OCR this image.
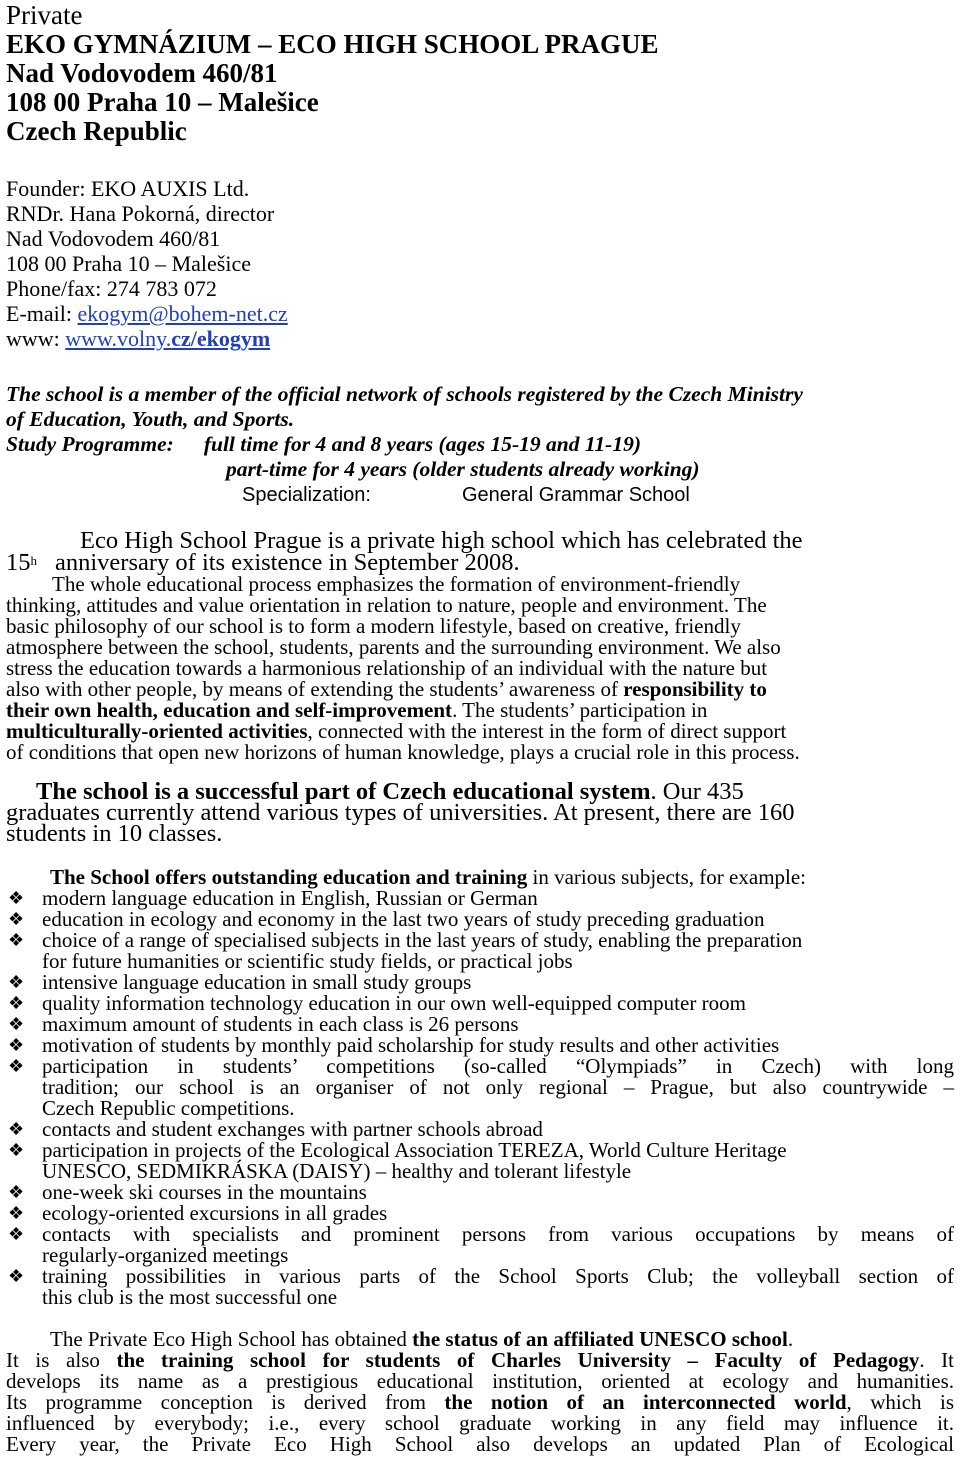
Private
EKO GYMNÁZIUM – ECO HIGH SCHOOL PRAGUE
Nad Vodovodem 460/81
108 00 Praha 10 – Malešice
Czech Republic
Founder: EKO AUXIS Ltd.
RNDr. Hana Pokorná, director
Nad Vodovodem 460/81
108 00 Praha 10 – Malešice
Phone/fax: 274 783 072
E-mail: ekogym@bohem-net.cz
www: www.volny.cz/ekogym
The school is a member of the official network of schools registered by the Czech Ministry
of Education, Youth, and Sports.
Study Programme: full time for 4 and 8 years (ages 15-19 and 11-19)
part-time for 4 years (older students already working)
Specialization:	General Grammar School
Eco High School Prague is a private high school which has celebrated the
15$^h$ anniversary of its existence in September 2008.
The whole educational process emphasizes the formation of environment-friendly
thinking, attitudes and value orientation in relation to nature, people and environment. The
basic philosophy of our school is to form a modern lifestyle, based on creative, friendly
atmosphere between the school, students, parents and the surrounding environment. We also
stress the education towards a harmonious relationship of an individual with the nature but
also with other people, by means of extending the students’ awareness of responsibility to
their own health, education and self-improvement. The students’ participation in
multiculturally-oriented activities, connected with the interest in the form of direct support
of conditions that open new horizons of human knowledge, plays a crucial role in this process.
The school is a successful part of Czech educational system. Our 435
graduates currently attend various types of universities. At present, there are 160
students in 10 classes.
The School offers outstanding education and training in various subjects, for example:
❖ modern language education in English, Russian or German
❖ education in ecology and economy in the last two years of study preceding graduation
❖ choice of a range of specialised subjects in the last years of study, enabling the preparation
for future humanities or scientific study fields, or practical jobs
❖ intensive language education in small study groups
❖ quality information technology education in our own well-equipped computer room
❖ maximum amount of students in each class is 26 persons
❖ motivation of students by monthly paid scholarship for study results and other activities
❖ participation in students’ competitions (so-called “Olympiads” in Czech) with long
tradition; our school is an organiser of not only regional – Prague, but also countrywide –
Czech Republic competitions.
❖ contacts and student exchanges with partner schools abroad
❖ participation in projects of the Ecological Association TEREZA, World Culture Heritage
UNESCO, SEDMIKRÁSKA (DAISY) – healthy and tolerant lifestyle
❖ one-week ski courses in the mountains
❖ ecology-oriented excursions in all grades
❖ contacts with specialists and prominent persons from various occupations by means of
regularly-organized meetings
❖ training possibilities in various parts of the School Sports Club; the volleyball section of
this club is the most successful one
The Private Eco High School has obtained the status of an affiliated UNESCO school.
It is also the training school for students of Charles University – Faculty of Pedagogy. It
develops its name as a prestigious educational institution, oriented at ecology and humanities.
Its programme conception is derived from the notion of an interconnected world, which is
influenced by everybody; i.e., every school graduate working in any field may influence it.
Every year, the Private Eco High School also develops an updated Plan of Ecological
